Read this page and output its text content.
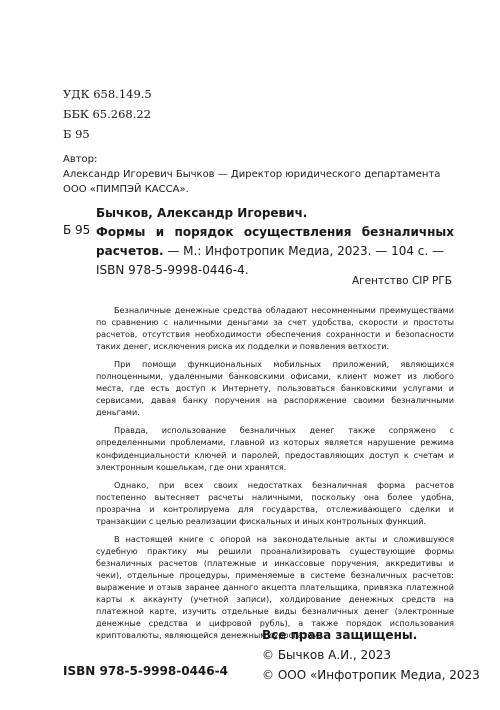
УДК 658.149.5
ББК 65.268.22
Б 95
Автор:
Александр Игоревич Бычков — Директор юридического департамента
ООО «ПИМПЭЙ КАССА».
Б 95
Бычков, Александр Игоревич.
Формы и порядок осуществления безналичных
расчетов. — М.: Инфотропик Медиа, 2023. — 104 с. —
ISBN 978-5-9998-0446-4.
Агентство CIP РГБ

Безналичные денежные средства обладают несомненными преимуществами по сравнению с наличными деньгами за счет удобства, скорости и простоты расчетов, отсутствия необходимости обеспечения сохранности и безопасности таких денег, исключения риска их подделки и появления ветхости.

При помощи функциональных мобильных приложений, являющихся полноценными, удаленными банковскими офисами, клиент может из любого места, где есть доступ к Интернету, пользоваться банковскими услугами и сервисами, давая банку поручения на распоряжение своими безналичными деньгами.

Правда, использование безналичных денег также сопряжено с определенными проблемами, главной из которых является нарушение режима конфиденциальности ключей и паролей, предоставляющих доступ к счетам и электронным кошелькам, где они хранятся.

Однако, при всех своих недостатках безналичная форма расчетов постепенно вытесняет расчеты наличными, поскольку она более удобна, прозрачна и контролируема для государства, отслеживающего сделки и транзакции с целью реализации фискальных и иных контрольных функций.

В настоящей книге с опорой на законодательные акты и сложившуюся судебную практику мы решили проанализировать существующие формы безналичных расчетов (платежные и инкассовые поручения, аккредитивы и чеки), отдельные процедуры, применяемые в системе безналичных расчетов: выражение и отзыв заранее данного акцепта плательщика, привязка платежной карты к аккаунту (учетной записи), холдирование денежных средств на платежной карте, изучить отдельные виды безналичных денег (электронные денежные средства и цифровой рубль), а также порядок использования криптовалюты, являющейся денежным суррогатом.

Все права защищены.
© Бычков А.И., 2023
© ООО «Инфотропик Медиа, 2023
ISBN 978-5-9998-0446-4
